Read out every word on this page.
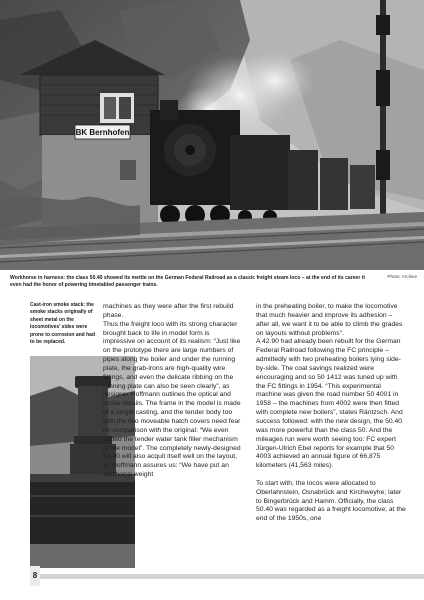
BK Bernhofen
Photo: Archive
Workhorse in harness: the class 50.40 showed its mettle on the German Federal Railroad as a classic freight steam loco – at the end of its career it even had the honor of powering timetabled passenger trains.
Cast-iron smoke stack: the smoke stacks originally of sheet metal on the locomotives’ sides were prone to corrosion and had to be replaced.

machines as they were after the first rebuild phase.

Thus the freight loco with its strong character brought back to life in model form is impressive on account of its realism: “Just like on the prototype there are large numbers of pipes along the boiler and under the running plate, the grab-irons are high-quality wire fittings, and even the delicate ribbing on the running plate can also be seen clearly”, as designer Hoffmann outlines the optical and tactile details. The frame in the model is made of a single casting, and the tender body too with the two moveable hatch covers need fear no comparison with the original: “We even added the tender water tank filler mechanism to the model”. The completely newly-designed 50 40 will also acquit itself well on the layout, as Hoffmann assures us: “We have put an additional weight

in the preheating boiler, to make the locomotive that much heavier and improve its adhesion – after all, we want it to be able to climb the grades on layouts without problems”.

A 42.90 had already been rebuilt for the German Federal Railroad following the FC principle – admittedly with two preheating boilers lying side-by-side. The coal savings realized were encouraging and so 50 1412 was tuned up with the FC fittings in 1954. “This experimental machine was given the road number 50 4001 in 1958 – the machines from 4002 were then fitted with complete new boilers”, states Räntzsch. And success followed: with the new design, the 50.40 was more powerful than the class 50. And the mileages run were worth seeing too: FC expert Jürgen-Ulrich Ebel reports for example that 50 4003 achieved an annual figure of 66,875 kilometers (41,563 miles).

To start with, the locos were allocated to Oberlahnstein, Osnabrück and Kirchweyhe; later to Bingerbrück and Hamm. Officially, the class 50.40 was regarded as a freight locomotive; at the end of the 1950s, one

8
